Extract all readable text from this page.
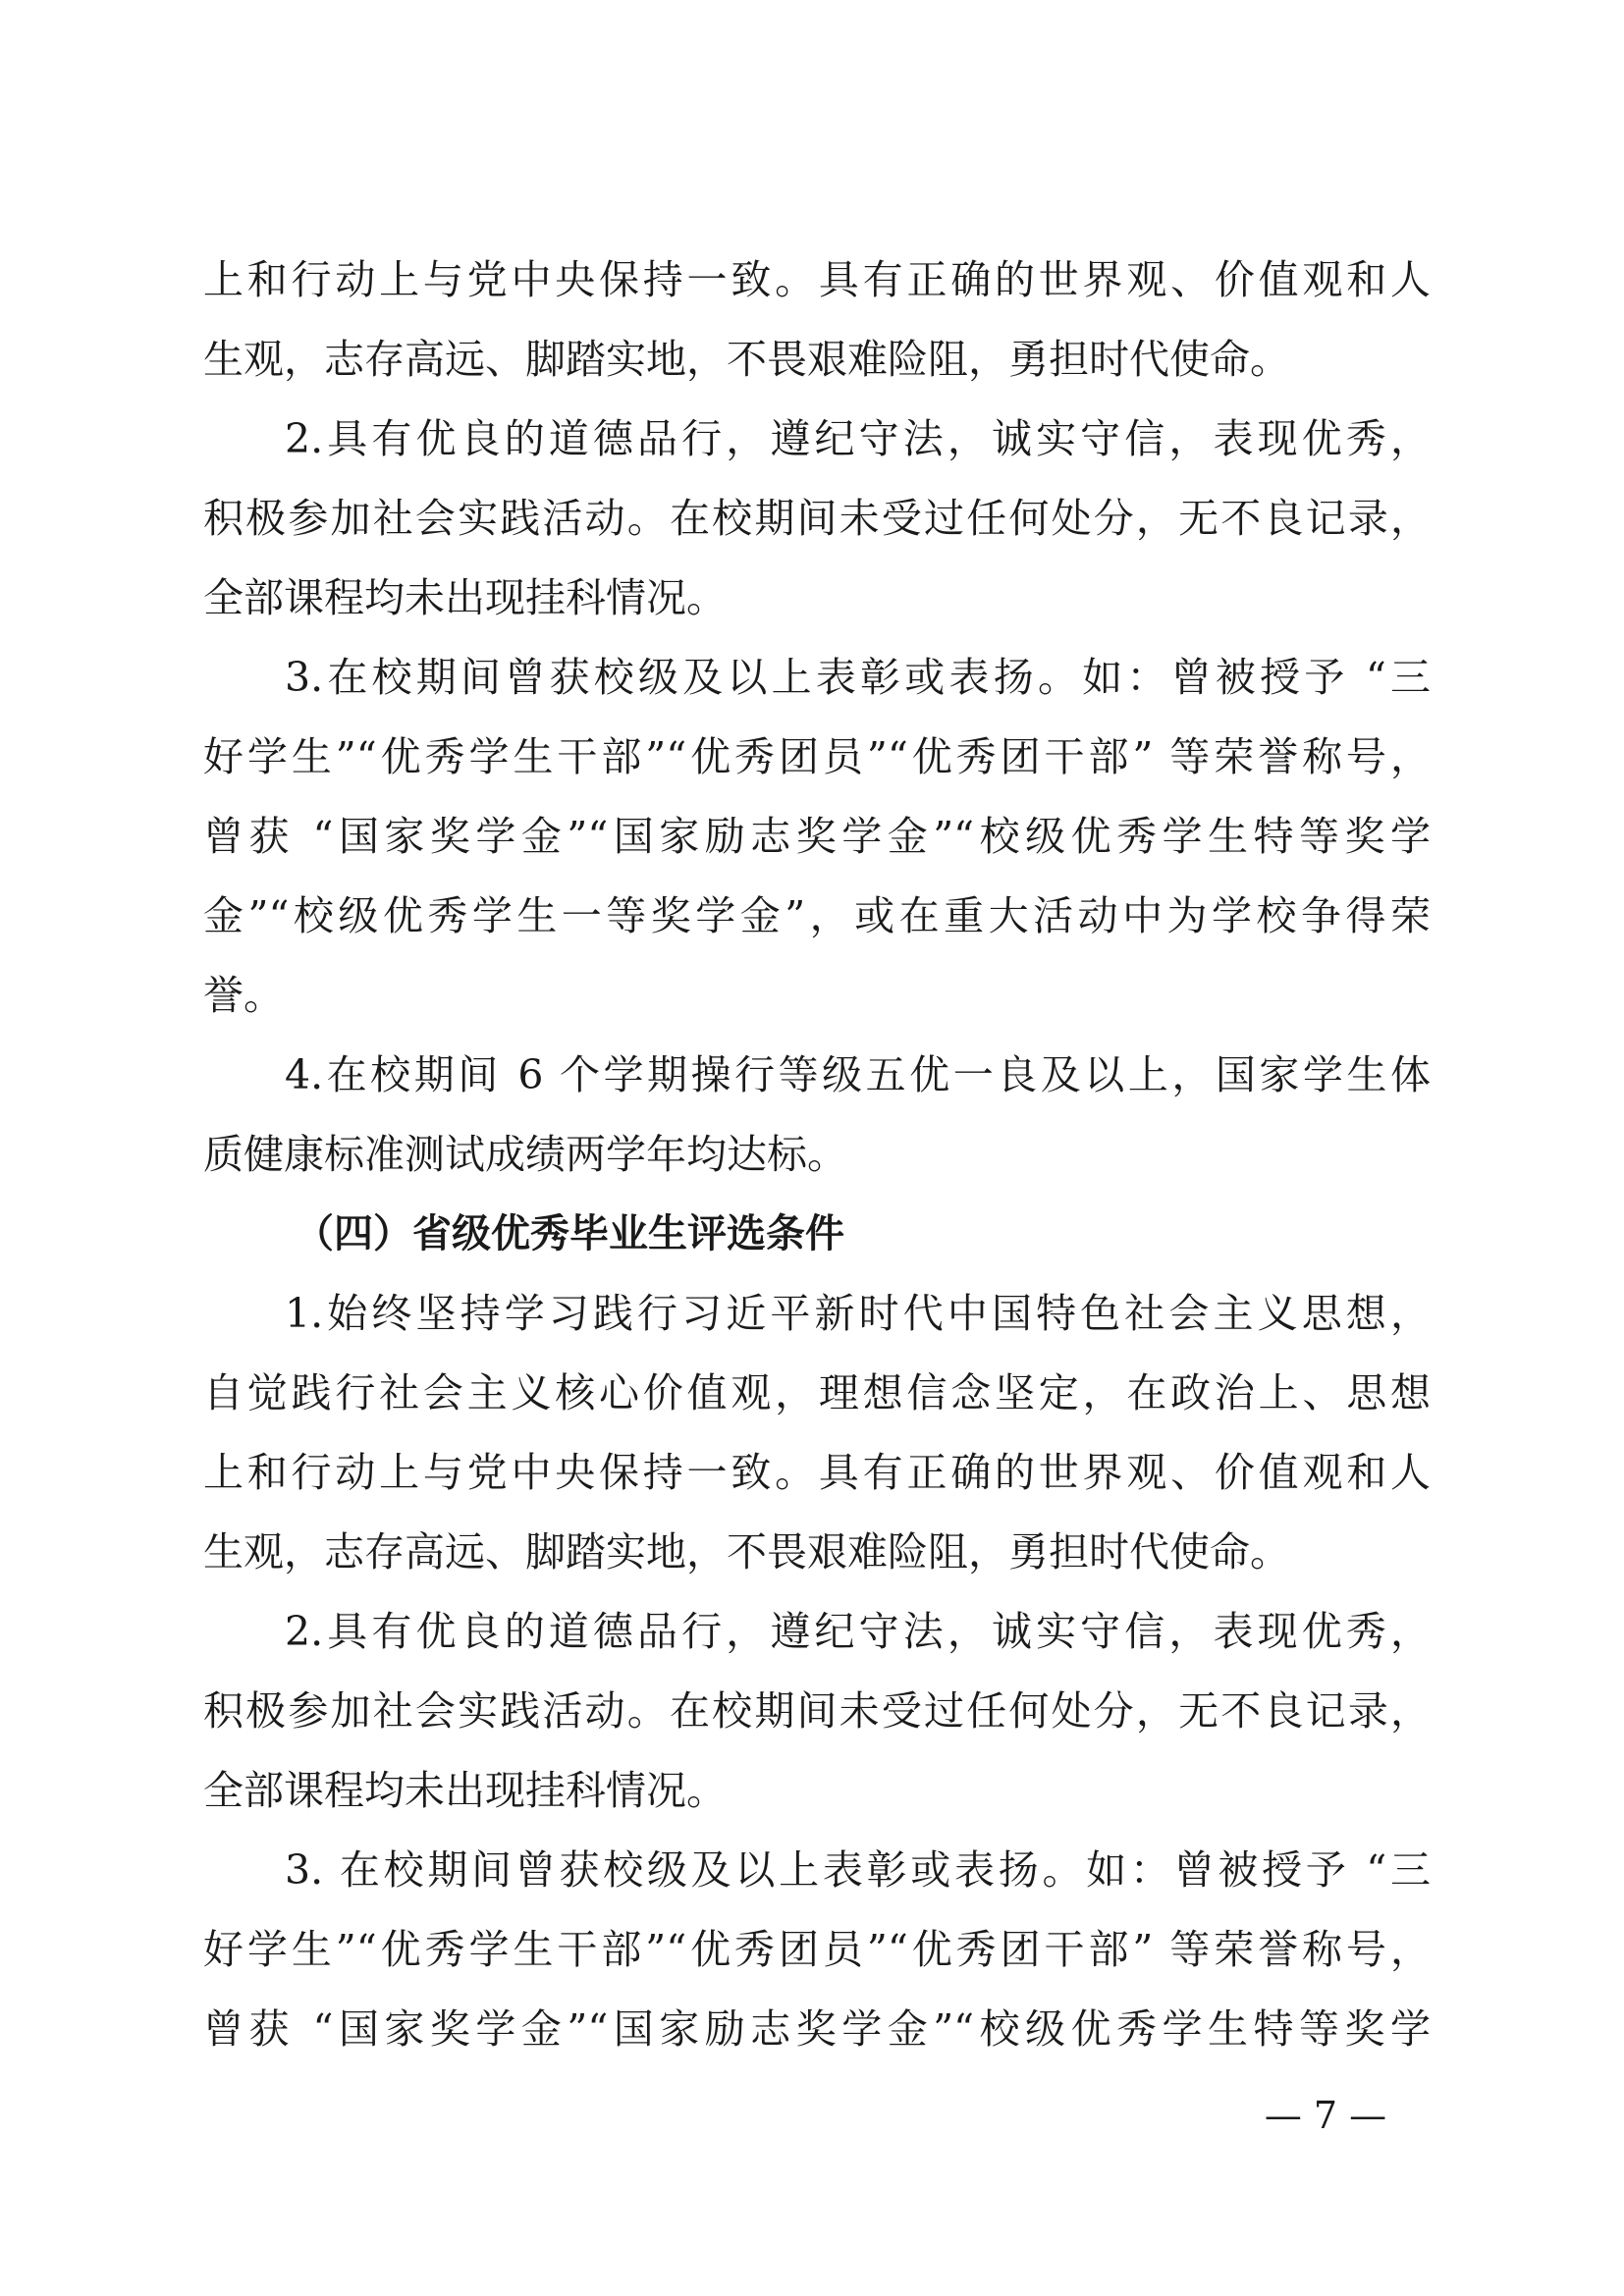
上和行动上与党中央保持一致。具有正确的世界观、价值观和人
生观，志存高远、脚踏实地，不畏艰难险阻，勇担时代使命。
2.具有优良的道德品行，遵纪守法，诚实守信，表现优秀，
积极参加社会实践活动。在校期间未受过任何处分，无不良记录，
全部课程均未出现挂科情况。
3.在校期间曾获校级及以上表彰或表扬。如：曾被授予 “三
好学生”“优秀学生干部”“优秀团员”“优秀团干部” 等荣誉称号，
曾获 “国家奖学金”“国家励志奖学金”“校级优秀学生特等奖学
金”“校级优秀学生一等奖学金”，或在重大活动中为学校争得荣
誉。
4.在校期间 6 个学期操行等级五优一良及以上，国家学生体
质健康标准测试成绩两学年均达标。
（四）省级优秀毕业生评选条件
1.始终坚持学习践行习近平新时代中国特色社会主义思想，
自觉践行社会主义核心价值观，理想信念坚定，在政治上、思想
上和行动上与党中央保持一致。具有正确的世界观、价值观和人
生观，志存高远、脚踏实地，不畏艰难险阻，勇担时代使命。
2.具有优良的道德品行，遵纪守法，诚实守信，表现优秀，
积极参加社会实践活动。在校期间未受过任何处分，无不良记录，
全部课程均未出现挂科情况。
3. 在校期间曾获校级及以上表彰或表扬。如：曾被授予 “三
好学生”“优秀学生干部”“优秀团员”“优秀团干部” 等荣誉称号，
曾获 “国家奖学金”“国家励志奖学金”“校级优秀学生特等奖学
— 7 —
